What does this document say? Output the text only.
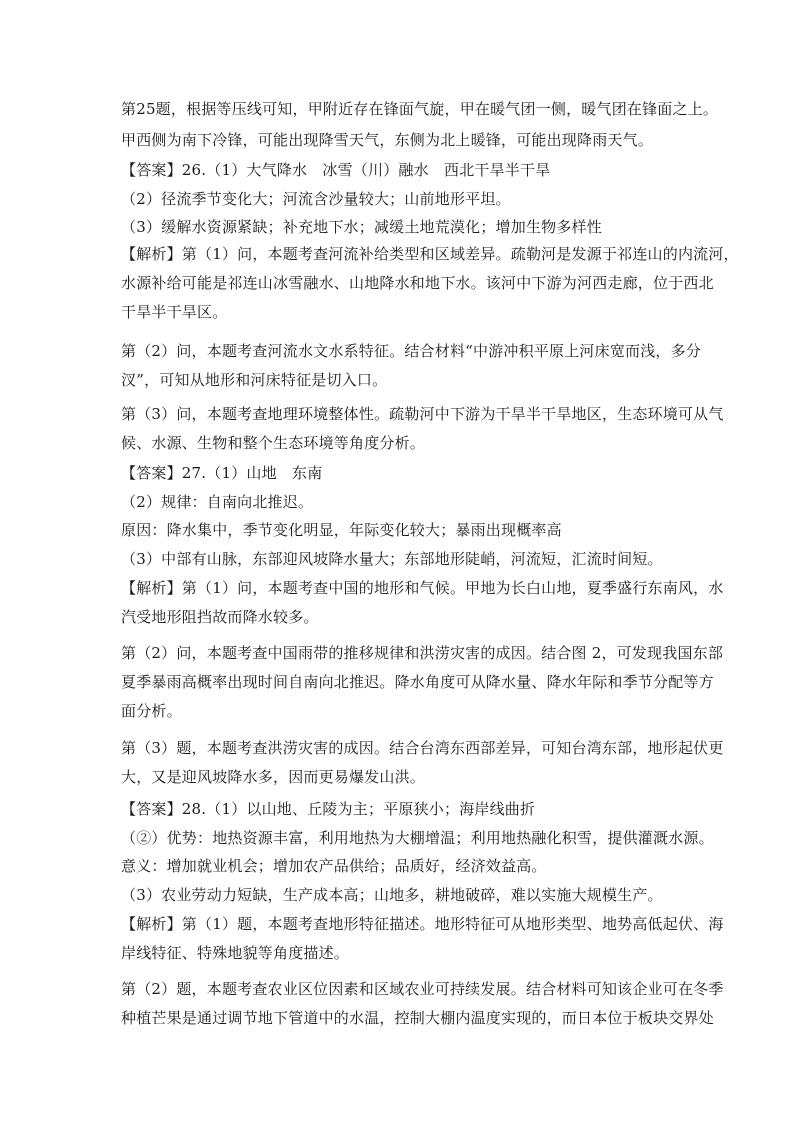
第25题，根据等压线可知，甲附近存在锋面气旋，甲在暖气团一侧，暖气团在锋面之上。
甲西侧为南下冷锋，可能出现降雪天气，东侧为北上暖锋，可能出现降雨天气。
【答案】26.（1）大气降水　冰雪（川）融水　西北干旱半干旱
（2）径流季节变化大；河流含沙量较大；山前地形平坦。
（3）缓解水资源紧缺；补充地下水；减缓土地荒漠化；增加生物多样性
【解析】第（1）问，本题考查河流补给类型和区域差异。疏勒河是发源于祁连山的内流河，
水源补给可能是祁连山冰雪融水、山地降水和地下水。该河中下游为河西走廊，位于西北
干旱半干旱区。
第（2）问，本题考查河流水文水系特征。结合材料“中游冲积平原上河床宽而浅，多分
汊”，可知从地形和河床特征是切入口。
第（3）问，本题考查地理环境整体性。疏勒河中下游为干旱半干旱地区，生态环境可从气
候、水源、生物和整个生态环境等角度分析。
【答案】27.（1）山地　东南
（2）规律：自南向北推迟。
原因：降水集中，季节变化明显，年际变化较大；暴雨出现概率高
（3）中部有山脉，东部迎风坡降水量大；东部地形陡峭，河流短，汇流时间短。
【解析】第（1）问，本题考查中国的地形和气候。甲地为长白山地，夏季盛行东南风，水
汽受地形阻挡故而降水较多。
第（2）问，本题考查中国雨带的推移规律和洪涝灾害的成因。结合图 2，可发现我国东部
夏季暴雨高概率出现时间自南向北推迟。降水角度可从降水量、降水年际和季节分配等方
面分析。
第（3）题，本题考查洪涝灾害的成因。结合台湾东西部差异，可知台湾东部，地形起伏更
大，又是迎风坡降水多，因而更易爆发山洪。
【答案】28.（1）以山地、丘陵为主；平原狭小；海岸线曲折
（②）优势：地热资源丰富，利用地热为大棚增温；利用地热融化积雪，提供灌溉水源。
意义：增加就业机会；增加农产品供给；品质好，经济效益高。
（3）农业劳动力短缺，生产成本高；山地多，耕地破碎，难以实施大规模生产。
【解析】第（1）题，本题考查地形特征描述。地形特征可从地形类型、地势高低起伏、海
岸线特征、特殊地貌等角度描述。
第（2）题，本题考查农业区位因素和区域农业可持续发展。结合材料可知该企业可在冬季
种植芒果是通过调节地下管道中的水温，控制大棚内温度实现的，而日本位于板块交界处
